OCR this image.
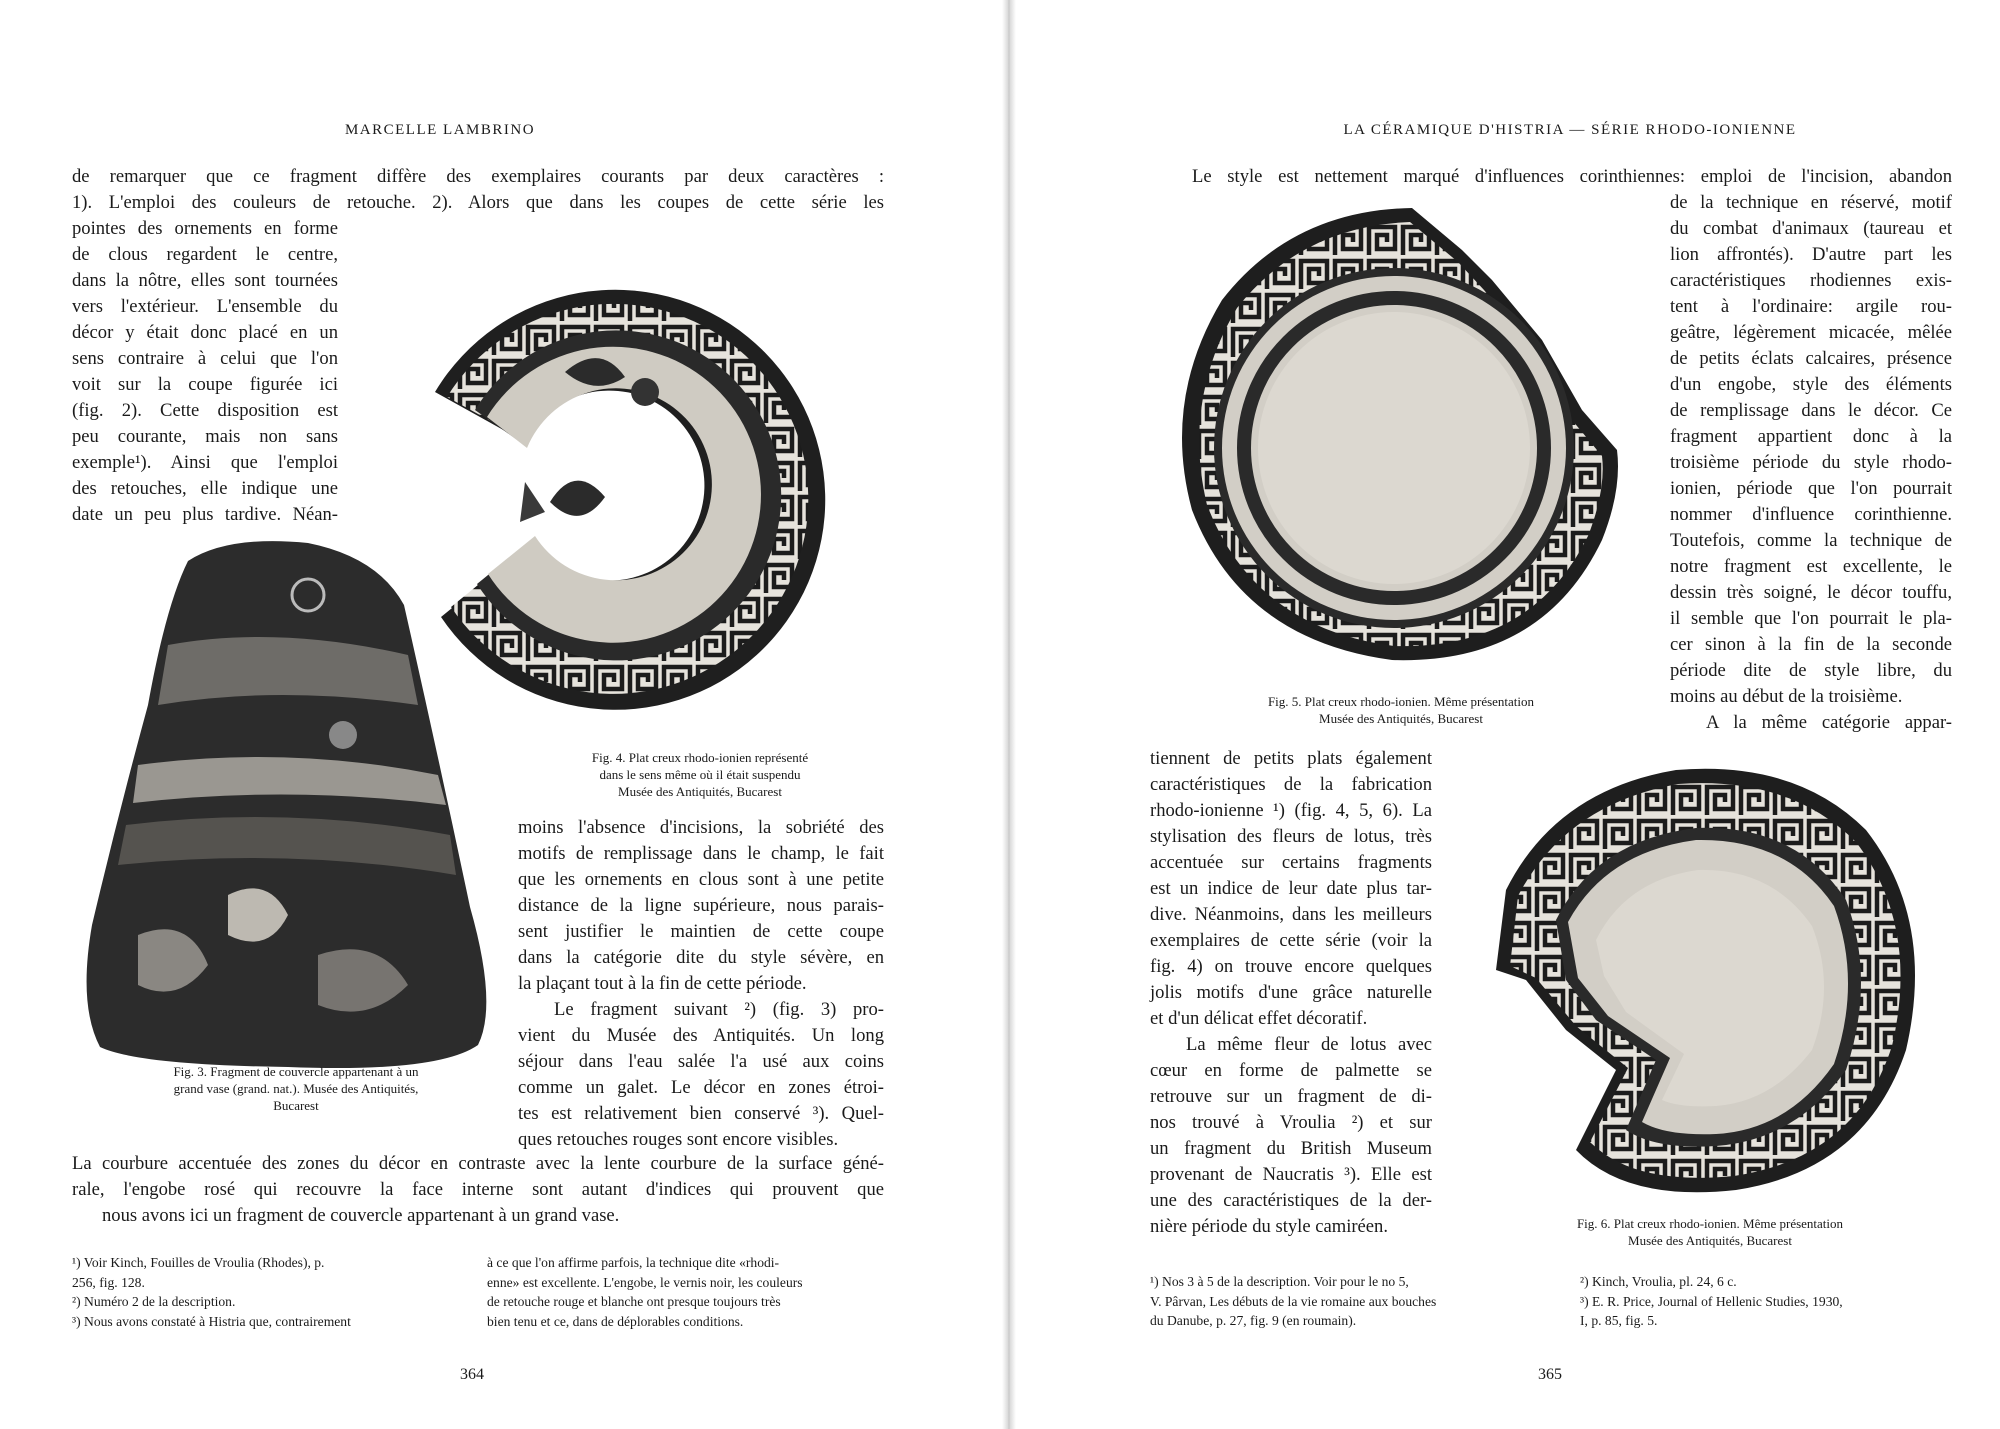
MARCELLE LAMBRINO
de remarquer que ce fragment diffère des exemplaires courants par deux caractères :
1). L'emploi des couleurs de retouche. 2). Alors que dans les coupes de cette série les
pointes des ornements en forme
de clous regardent le centre,
dans la nôtre, elles sont tournées
vers l'extérieur. L'ensemble du
décor y était donc placé en un
sens contraire à celui que l'on
voit sur la coupe figurée ici
(fig. 2). Cette disposition est
peu courante, mais non sans
exemple¹). Ainsi que l'emploi
des retouches, elle indique une
date un peu plus tardive. Néan-
Fig. 4. Plat creux rhodo-ionien représenté
dans le sens même où il était suspendu
Musée des Antiquités, Bucarest
Fig. 3. Fragment de couvercle appartenant à un
grand vase (grand. nat.). Musée des Antiquités,
Bucarest
moins l'absence d'incisions, la sobriété des
motifs de remplissage dans le champ, le fait
que les ornements en clous sont à une petite
distance de la ligne supérieure, nous parais-
sent justifier le maintien de cette coupe
dans la catégorie dite du style sévère, en
la plaçant tout à la fin de cette période.
Le fragment suivant ²) (fig. 3) pro-
vient du Musée des Antiquités. Un long
séjour dans l'eau salée l'a usé aux coins
comme un galet. Le décor en zones étroi-
tes est relativement bien conservé ³). Quel-
ques retouches rouges sont encore visibles.
La courbure accentuée des zones du décor en contraste avec la lente courbure de la surface géné-
rale, l'engobe rosé qui recouvre la face interne sont autant d'indices qui prouvent que
nous avons ici un fragment de couvercle appartenant à un grand vase.
¹) Voir Kinch, Fouilles de Vroulia (Rhodes), p.
256, fig. 128.
²) Numéro 2 de la description.
³) Nous avons constaté à Histria que, contrairement
à ce que l'on affirme parfois, la technique dite «rhodi-
enne» est excellente. L'engobe, le vernis noir, les couleurs
de retouche rouge et blanche ont presque toujours très
bien tenu et ce, dans de déplorables conditions.
364
LA CÉRAMIQUE D'HISTRIA — SÉRIE RHODO-IONIENNE
Le style est nettement marqué d'influences corinthiennes: emploi de l'incision, abandon
Fig. 5. Plat creux rhodo-ionien. Même présentation
Musée des Antiquités, Bucarest
de la technique en réservé, motif
du combat d'animaux (taureau et
lion affrontés). D'autre part les
caractéristiques rhodiennes exis-
tent à l'ordinaire: argile rou-
geâtre, légèrement micacée, mêlée
de petits éclats calcaires, présence
d'un engobe, style des éléments
de remplissage dans le décor. Ce
fragment appartient donc à la
troisième période du style rhodo-
ionien, période que l'on pourrait
nommer d'influence corinthienne.
Toutefois, comme la technique de
notre fragment est excellente, le
dessin très soigné, le décor touffu,
il semble que l'on pourrait le pla-
cer sinon à la fin de la seconde
période dite de style libre, du
moins au début de la troisième.
A la même catégorie appar-
tiennent de petits plats également
caractéristiques de la fabrication
rhodo-ionienne ¹) (fig. 4, 5, 6). La
stylisation des fleurs de lotus, très
accentuée sur certains fragments
est un indice de leur date plus tar-
dive. Néanmoins, dans les meilleurs
exemplaires de cette série (voir la
fig. 4) on trouve encore quelques
jolis motifs d'une grâce naturelle
et d'un délicat effet décoratif.
La même fleur de lotus avec
cœur en forme de palmette se
retrouve sur un fragment de di-
nos trouvé à Vroulia ²) et sur
un fragment du British Museum
provenant de Naucratis ³). Elle est
une des caractéristiques de la der-
nière période du style camiréen.	Fig. 6. Plat creux rhodo-ionien. Même présentation
Musée des Antiquités, Bucarest
¹) Nos 3 à 5 de la description. Voir pour le no 5,
V. Pârvan, Les débuts de la vie romaine aux bouches
du Danube, p. 27, fig. 9 (en roumain).
²) Kinch, Vroulia, pl. 24, 6 c.
³) E. R. Price, Journal of Hellenic Studies, 1930,
I, p. 85, fig. 5.
365
